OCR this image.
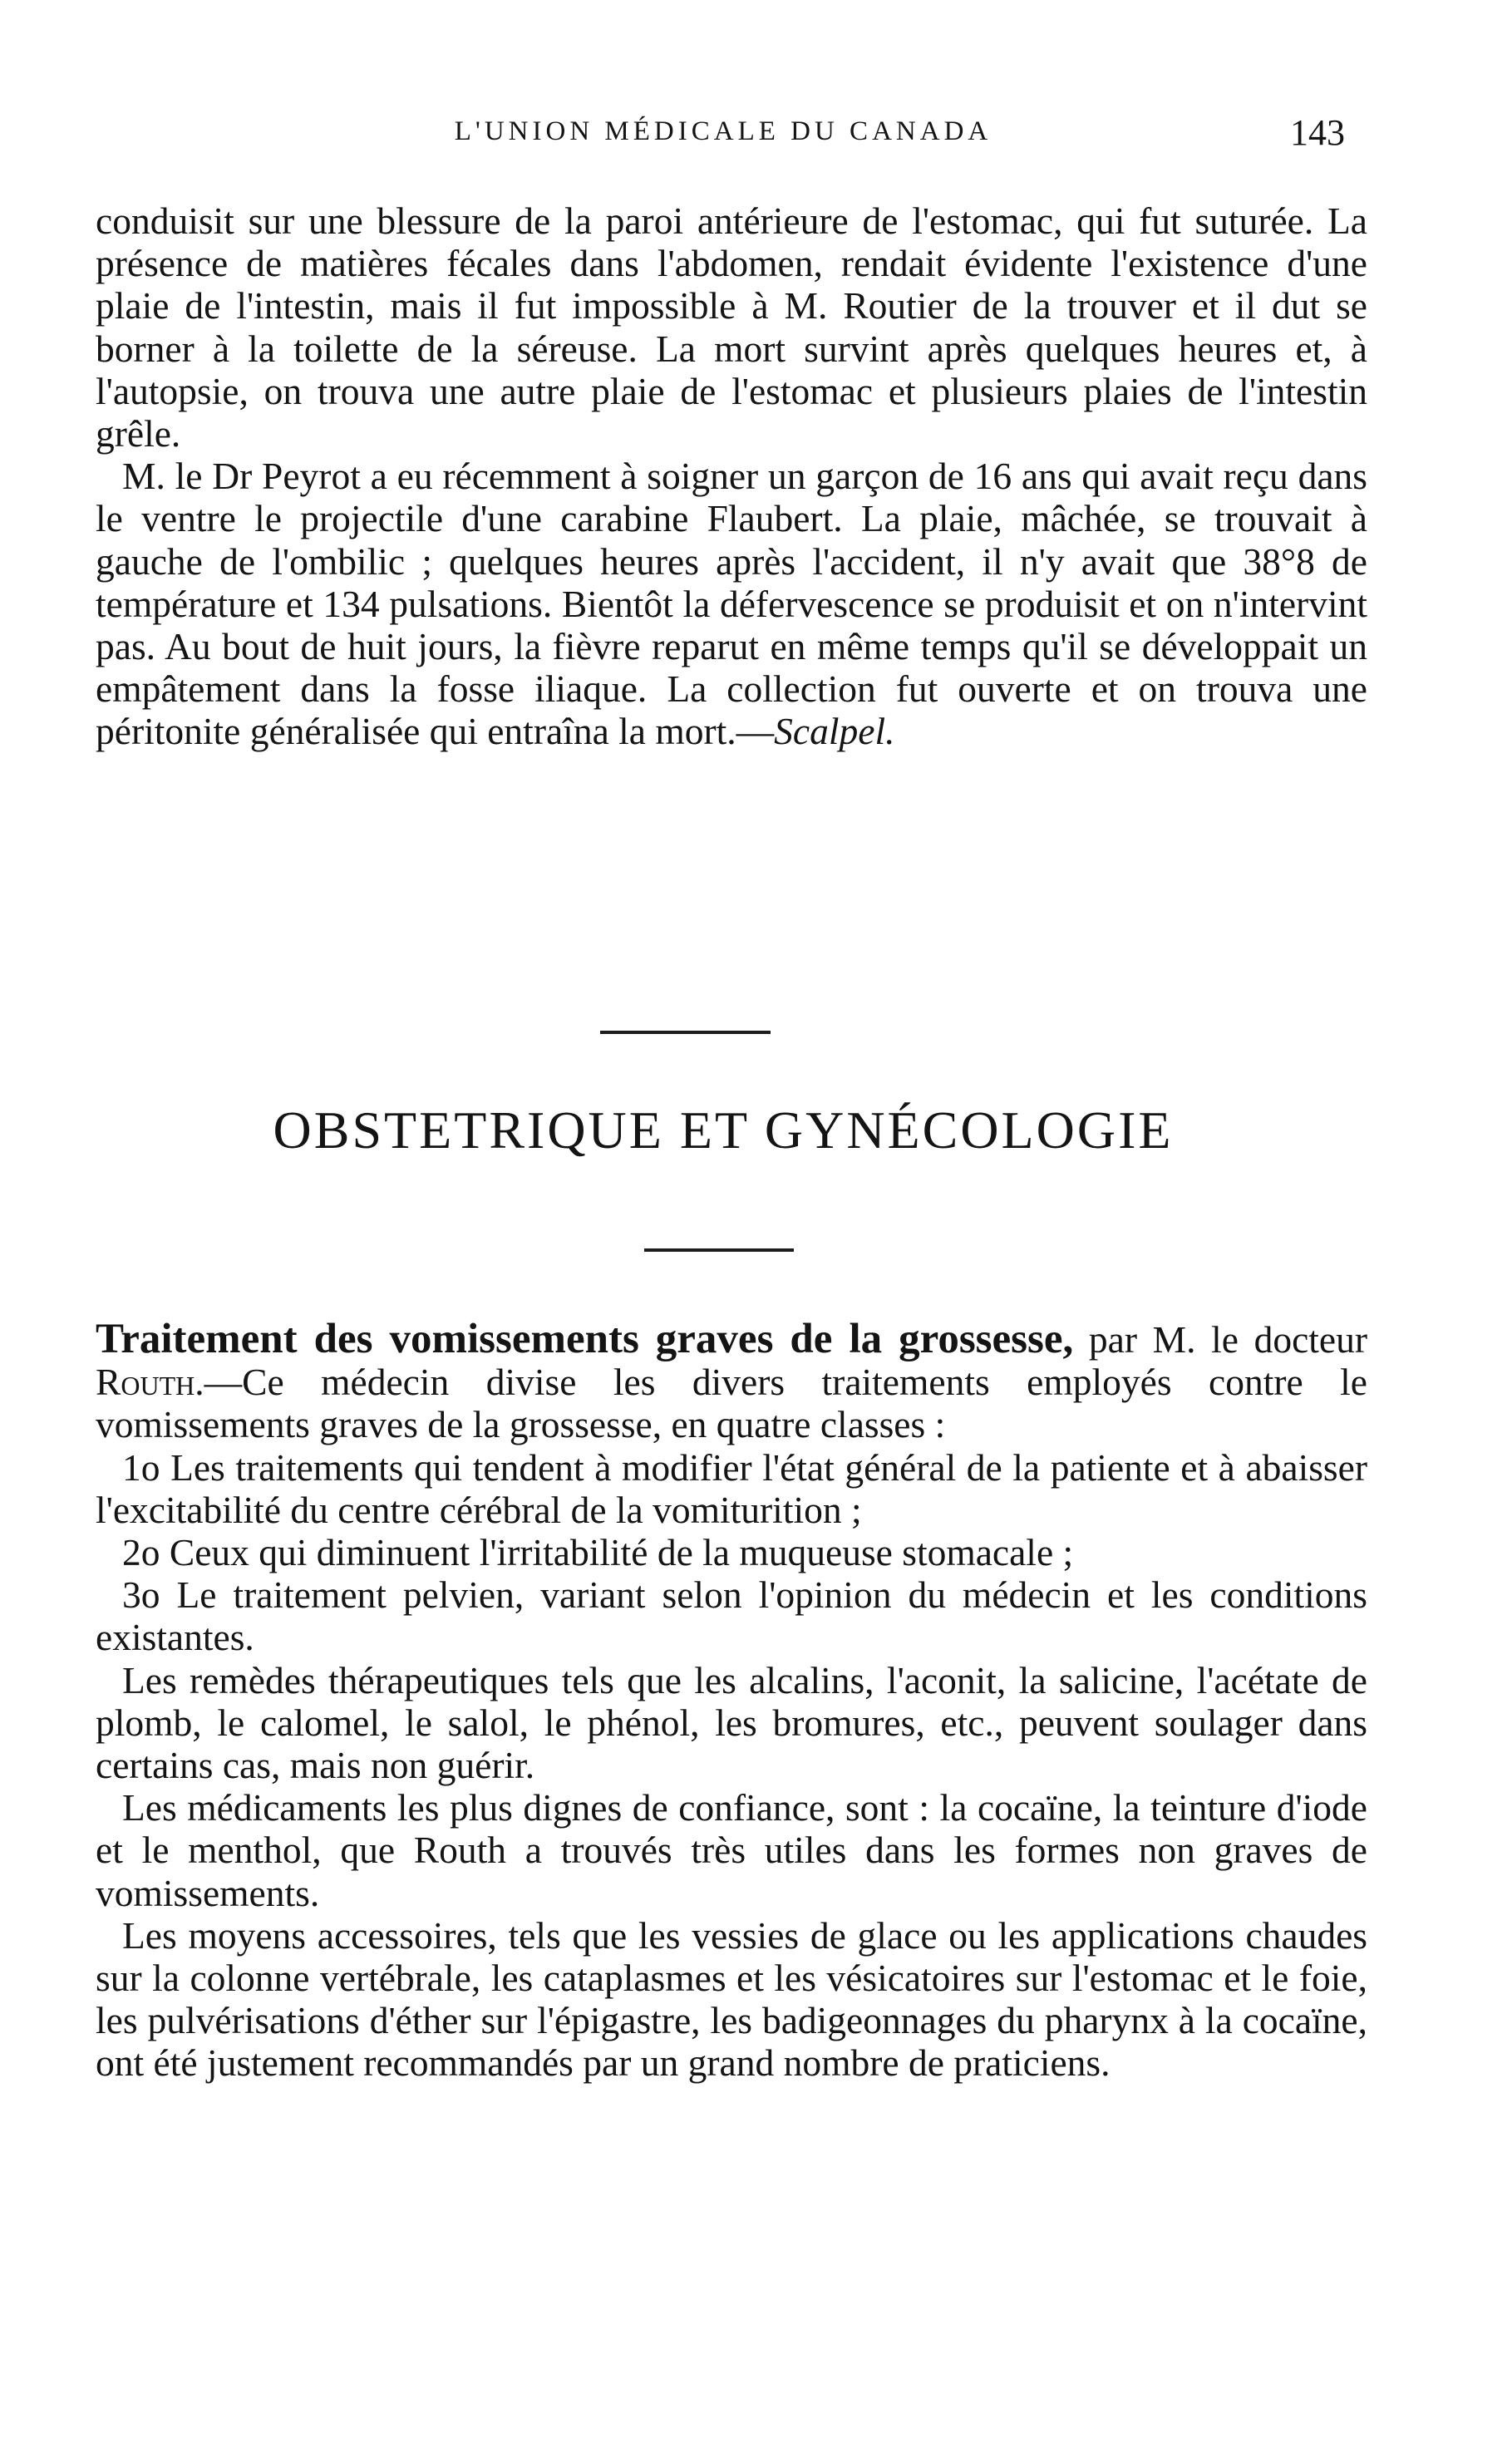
L'UNION MÉDICALE DU CANADA	143

conduisit sur une blessure de la paroi antérieure de l'estomac, qui fut suturée. La présence de matières fécales dans l'abdomen, rendait évidente l'existence d'une plaie de l'intestin, mais il fut impossible à M. Routier de la trouver et il dut se borner à la toilette de la séreuse. La mort survint après quelques heures et, à l'autopsie, on trouva une autre plaie de l'estomac et plusieurs plaies de l'intestin grêle.

M. le Dr Peyrot a eu récemment à soigner un garçon de 16 ans qui avait reçu dans le ventre le projectile d'une carabine Flaubert. La plaie, mâchée, se trouvait à gauche de l'ombilic ; quelques heures après l'accident, il n'y avait que 38°8 de température et 134 pulsations. Bientôt la défervescence se produisit et on n'intervint pas. Au bout de huit jours, la fièvre reparut en même temps qu'il se développait un empâtement dans la fosse iliaque. La collection fut ouverte et on trouva une péritonite généralisée qui entraîna la mort.—Scalpel.

OBSTETRIQUE ET GYNÉCOLOGIE

Traitement des vomissements graves de la grossesse, par M. le docteur Routh.—Ce médecin divise les divers traitements employés contre le vomissements graves de la grossesse, en quatre classes :

1o Les traitements qui tendent à modifier l'état général de la patiente et à abaisser l'excitabilité du centre cérébral de la vomiturition ;

2o Ceux qui diminuent l'irritabilité de la muqueuse stomacale ;

3o Le traitement pelvien, variant selon l'opinion du médecin et les conditions existantes.

Les remèdes thérapeutiques tels que les alcalins, l'aconit, la salicine, l'acétate de plomb, le calomel, le salol, le phénol, les bromures, etc., peuvent soulager dans certains cas, mais non guérir.

Les médicaments les plus dignes de confiance, sont : la cocaïne, la teinture d'iode et le menthol, que Routh a trouvés très utiles dans les formes non graves de vomissements.

Les moyens accessoires, tels que les vessies de glace ou les applications chaudes sur la colonne vertébrale, les cataplasmes et les vésicatoires sur l'estomac et le foie, les pulvérisations d'éther sur l'épigastre, les badigeonnages du pharynx à la cocaïne, ont été justement recommandés par un grand nombre de praticiens.
